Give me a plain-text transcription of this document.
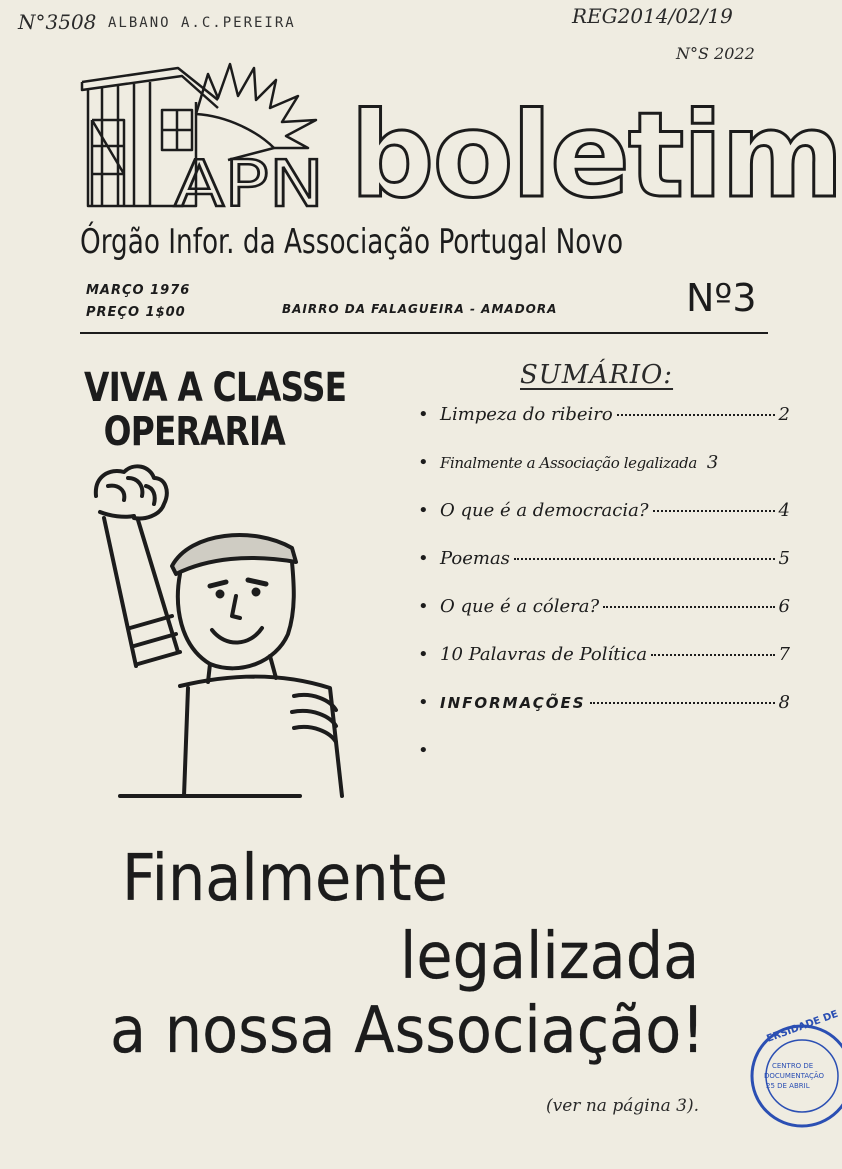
N°3508 ALBANO A.C.PEREIRA	REG2014/02/19
N°S 2022
APN boletim
Órgão Infor. da Associação Portugal Novo
MARÇO 1976
PREÇO 1$00	BAIRRO DA FALAGUEIRA - AMADORA	Nº3
VIVA A CLASSE
OPERARIA
SUMÁRIO:
• Limpeza do ribeiro	2
• Finalmente a Associação legalizada 3
• O que é a democracia?	4
• Poemas	5
• O que é a cólera?	6
• 10 Palavras de Política	7
• INFORMAÇÕES	8
•
Finalmente
legalizada
a nossa Associação!
(ver na página 3).
ERSIDADE DE
CENTRO DE
DOCUMENTAÇÃO
25 DE ABRIL
